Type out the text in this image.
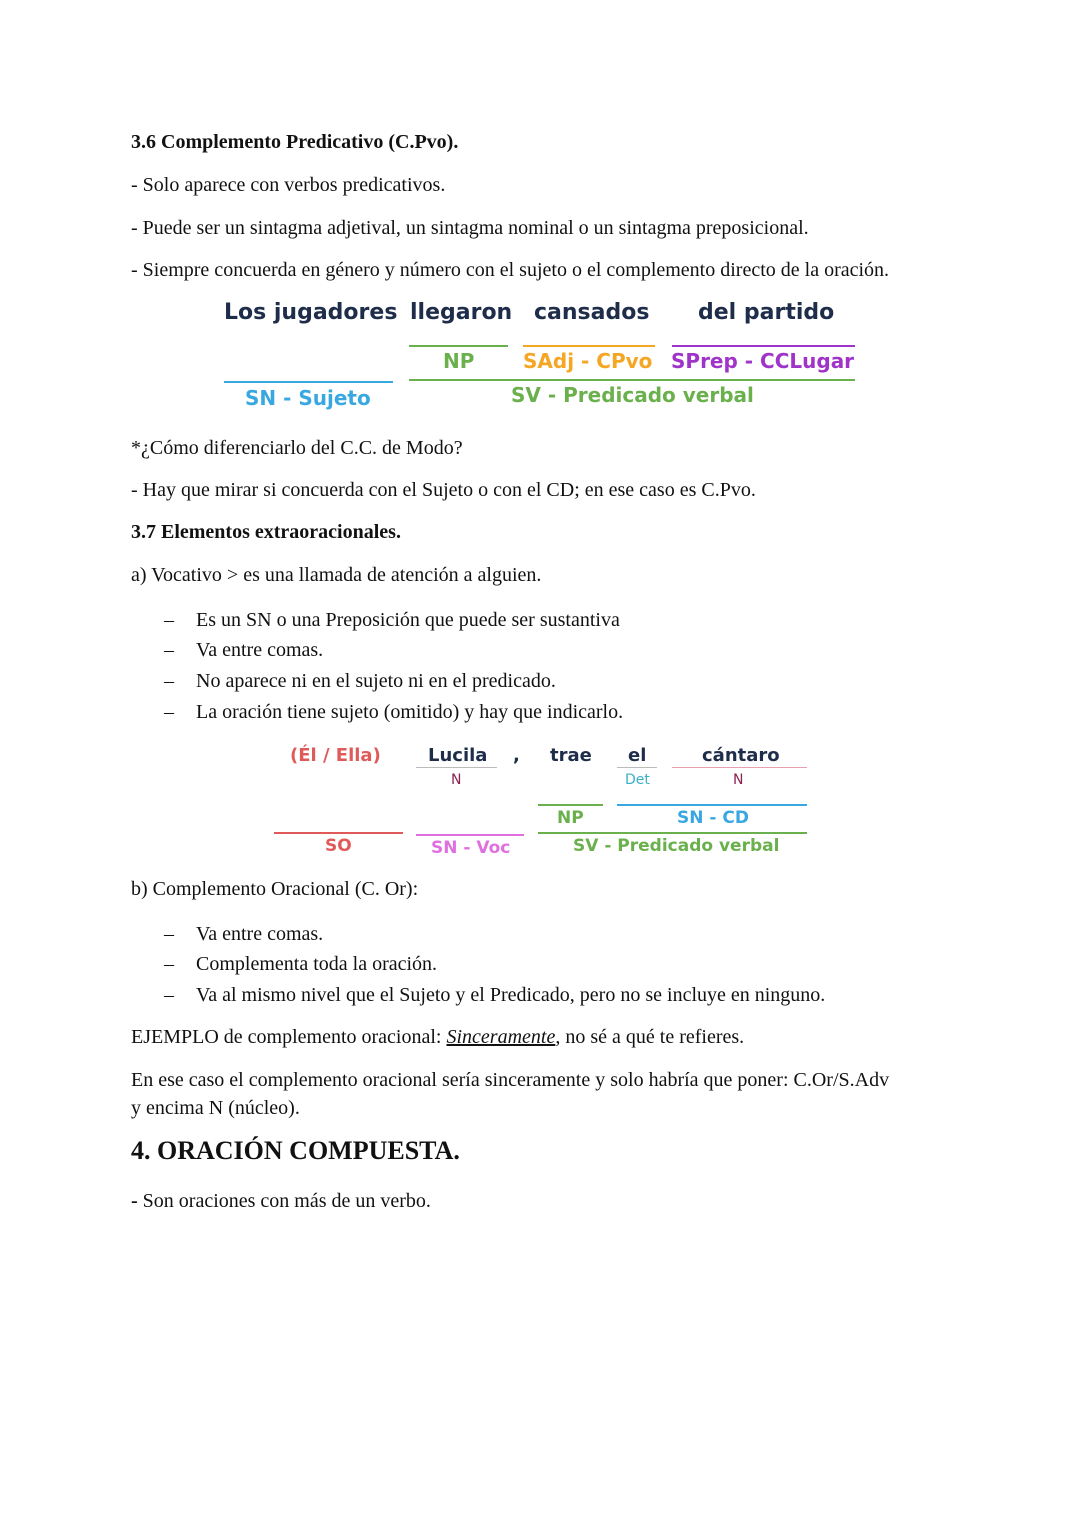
3.6 Complemento Predicativo (C.Pvo).
- Solo aparece con verbos predicativos.
- Puede ser un sintagma adjetival, un sintagma nominal o un sintagma preposicional.
- Siempre concuerda en género y número con el sujeto o el complemento directo de la oración.
Los jugadores llegaron cansados del partido
NP SAdj - CPvo SPrep - CCLugar
SN - Sujeto	SV - Predicado verbal
*¿Cómo diferenciarlo del C.C. de Modo?
- Hay que mirar si concuerda con el Sujeto o con el CD; en ese caso es C.Pvo.
3.7 Elementos extraoracionales.
a) Vocativo > es una llamada de atención a alguien.
– Es un SN o una Preposición que puede ser sustantiva
– Va entre comas.
– No aparece ni en el sujeto ni en el predicado.
– La oración tiene sujeto (omitido) y hay que indicarlo.
(Él / Ella)	Lucila , trae el	cántaro
N	Det	N
NP	SN - CD
SO	SN - Voc	SV - Predicado verbal
b) Complemento Oracional (C. Or):
– Va entre comas.
– Complementa toda la oración.
– Va al mismo nivel que el Sujeto y el Predicado, pero no se incluye en ninguno.
EJEMPLO de complemento oracional: Sinceramente, no sé a qué te refieres.
En ese caso el complemento oracional sería sinceramente y solo habría que poner: C.Or/S.Adv
y encima N (núcleo).
4. ORACIÓN COMPUESTA.
- Son oraciones con más de un verbo.
